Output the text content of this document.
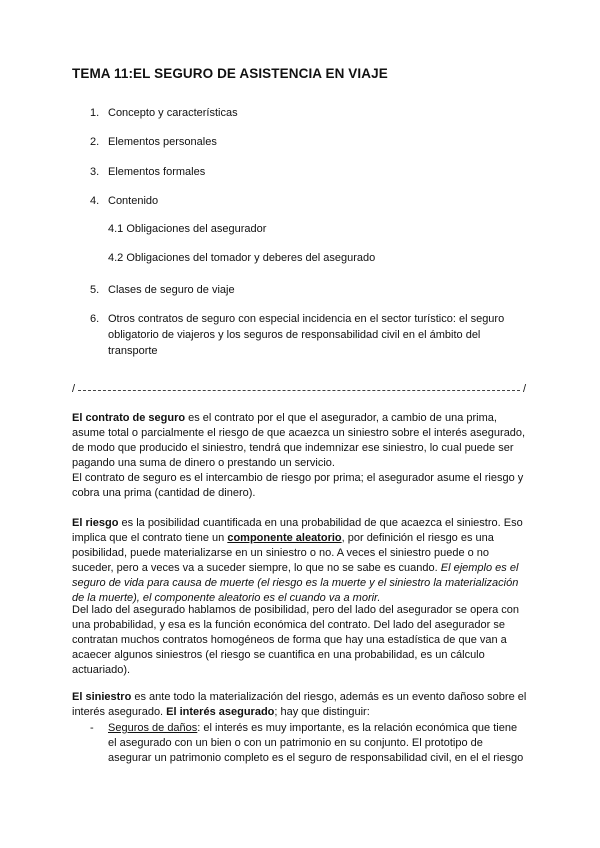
TEMA 11:EL SEGURO DE ASISTENCIA EN VIAJE
1. Concepto y características
2. Elementos personales
3. Elementos formales
4. Contenido
4.1 Obligaciones del asegurador
4.2 Obligaciones del tomador y deberes del asegurado
5. Clases de seguro de viaje
6. Otros contratos de seguro con especial incidencia en el sector turístico: el seguro obligatorio de viajeros y los seguros de responsabilidad civil en el ámbito del transporte
/	/

El contrato de seguro es el contrato por el que el asegurador, a cambio de una prima, asume total o parcialmente el riesgo de que acaezca un siniestro sobre el interés asegurado, de modo que producido el siniestro, tendrá que indemnizar ese siniestro, lo cual puede ser pagando una suma de dinero o prestando un servicio.

El contrato de seguro es el intercambio de riesgo por prima; el asegurador asume el riesgo y cobra una prima (cantidad de dinero).

El riesgo es la posibilidad cuantificada en una probabilidad de que acaezca el siniestro. Eso implica que el contrato tiene un componente aleatorio, por definición el riesgo es una posibilidad, puede materializarse en un siniestro o no. A veces el siniestro puede o no suceder, pero a veces va a suceder siempre, lo que no se sabe es cuando. El ejemplo es el seguro de vida para causa de muerte (el riesgo es la muerte y el siniestro la materialización de la muerte), el componente aleatorio es el cuando va a morir.

Del lado del asegurado hablamos de posibilidad, pero del lado del asegurador se opera con una probabilidad, y esa es la función económica del contrato. Del lado del asegurador se contratan muchos contratos homogéneos de forma que hay una estadística de que van a acaecer algunos siniestros (el riesgo se cuantifica en una probabilidad, es un cálculo actuariado).

El siniestro es ante todo la materialización del riesgo, además es un evento dañoso sobre el interés asegurado. El interés asegurado; hay que distinguir:

- Seguros de daños: el interés es muy importante, es la relación económica que tiene el asegurado con un bien o con un patrimonio en su conjunto. El prototipo de asegurar un patrimonio completo es el seguro de responsabilidad civil, en el el riesgo
